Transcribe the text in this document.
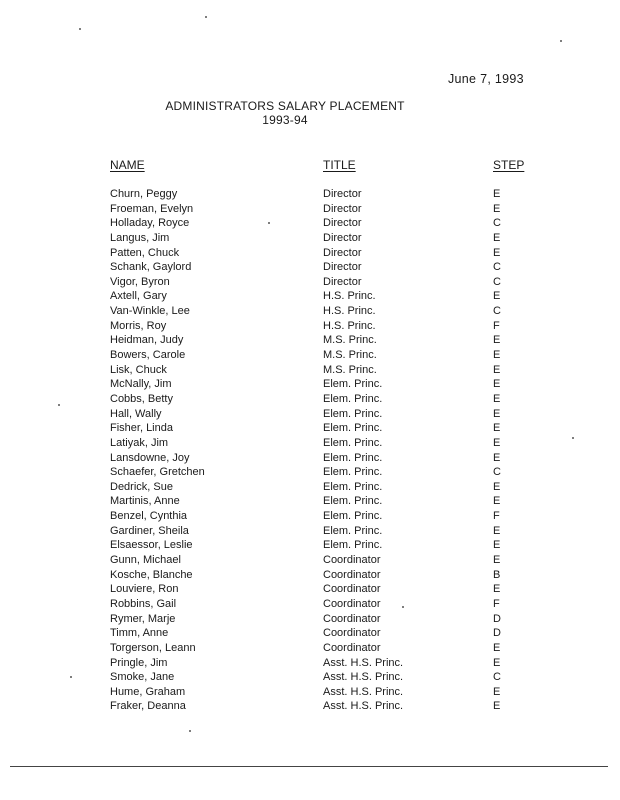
June 7, 1993
ADMINISTRATORS SALARY PLACEMENT
1993-94
NAME	TITLE	STEP
Churn, Peggy	Director	E
Froeman, Evelyn	Director	E
Holladay, Royce	Director	C
Langus, Jim	Director	E
Patten, Chuck	Director	E
Schank, Gaylord	Director	C
Vigor, Byron	Director	C
Axtell, Gary	H.S. Princ.	E
Van-Winkle, Lee	H.S. Princ.	C
Morris, Roy	H.S. Princ.	F
Heidman, Judy	M.S. Princ.	E
Bowers, Carole	M.S. Princ.	E
Lisk, Chuck	M.S. Princ.	E
McNally, Jim	Elem. Princ.	E
Cobbs, Betty	Elem. Princ.	E
Hall, Wally	Elem. Princ.	E
Fisher, Linda	Elem. Princ.	E
Latiyak, Jim	Elem. Princ.	E
Lansdowne, Joy	Elem. Princ.	E
Schaefer, Gretchen	Elem. Princ.	C
Dedrick, Sue	Elem. Princ.	E
Martinis, Anne	Elem. Princ.	E
Benzel, Cynthia	Elem. Princ.	F
Gardiner, Sheila	Elem. Princ.	E
Elsaessor, Leslie	Elem. Princ.	E
Gunn, Michael	Coordinator	E
Kosche, Blanche	Coordinator	B
Louviere, Ron	Coordinator	E
Robbins, Gail	Coordinator	F
Rymer, Marje	Coordinator	D
Timm, Anne	Coordinator	D
Torgerson, Leann	Coordinator	E
Pringle, Jim	Asst. H.S. Princ.	E
Smoke, Jane	Asst. H.S. Princ.	C
Hume, Graham	Asst. H.S. Princ.	E
Fraker, Deanna	Asst. H.S. Princ.	E
